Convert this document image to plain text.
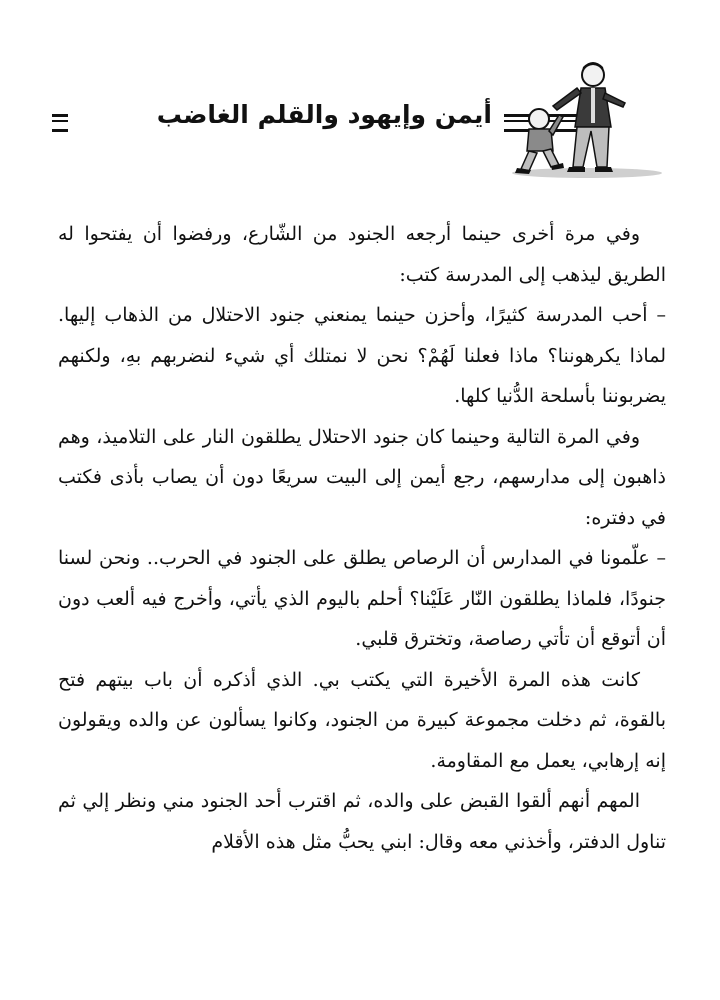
أيمن وإيهود والقلم الغاضب

وفي مرة أخرى حينما أرجعه الجنود من الشّارع، ورفضوا أن يفتحوا له الطريق ليذهب إلى المدرسة كتب:

– أحب المدرسة كثيرًا، وأحزن حينما يمنعني جنود الاحتلال من الذهاب إليها. لماذا يكرهوننا؟ ماذا فعلنا لَهُمْ؟ نحن لا نمتلك أي شيء لنضربهم بهِ، ولكنهم يضربوننا بأسلحة الدُّنيا كلها.

وفي المرة التالية وحينما كان جنود الاحتلال يطلقون النار على التلاميذ، وهم ذاهبون إلى مدارسهم، رجع أيمن إلى البيت سريعًا دون أن يصاب بأذى فكتب في دفتره:

– علّمونا في المدارس أن الرصاص يطلق على الجنود في الحرب.. ونحن لسنا جنودًا، فلماذا يطلقون النّار عَلَيْنا؟ أحلم باليوم الذي يأتي، وأخرج فيه ألعب دون أن أتوقع أن تأتي رصاصة، وتخترق قلبي.

كانت هذه المرة الأخيرة التي يكتب بي. الذي أذكره أن باب بيتهم فتح بالقوة، ثم دخلت مجموعة كبيرة من الجنود، وكانوا يسألون عن والده ويقولون إنه إرهابي، يعمل مع المقاومة.

المهم أنهم ألقوا القبض على والده، ثم اقترب أحد الجنود مني ونظر إلي ثم تناول الدفتر، وأخذني معه وقال: ابني يحبُّ مثل هذه الأقلام
